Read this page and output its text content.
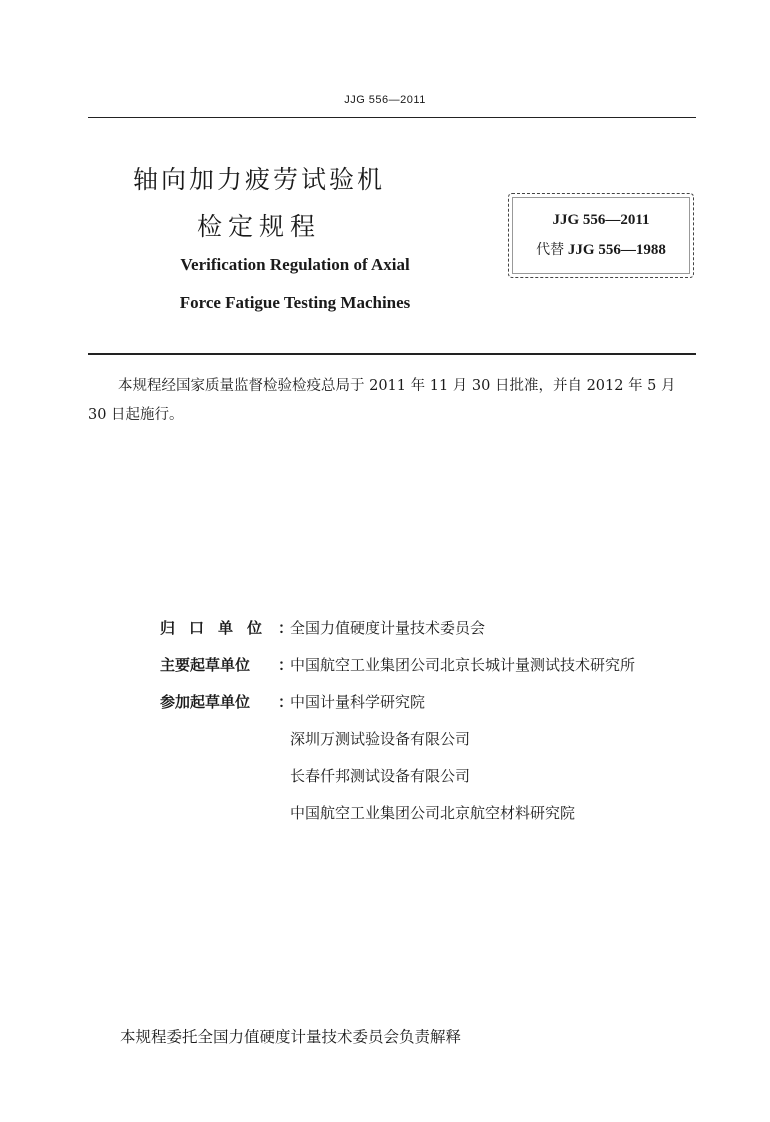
JJG 556—2011
轴向加力疲劳试验机
检定规程
Verification Regulation of Axial
Force Fatigue Testing Machines
JJG 556—2011
代替 JJG 556—1988
本规程经国家质量监督检验检疫总局于 2011 年 11 月 30 日批准，并自 2012 年 5 月 30 日起施行。
归口单位 ：
全国力值硬度计量技术委员会
主要起草单位	：
中国航空工业集团公司北京长城计量测试技术研究所
参加起草单位	：
中国计量科学研究院
深圳万测试验设备有限公司
长春仟邦测试设备有限公司
中国航空工业集团公司北京航空材料研究院
本规程委托全国力值硬度计量技术委员会负责解释
